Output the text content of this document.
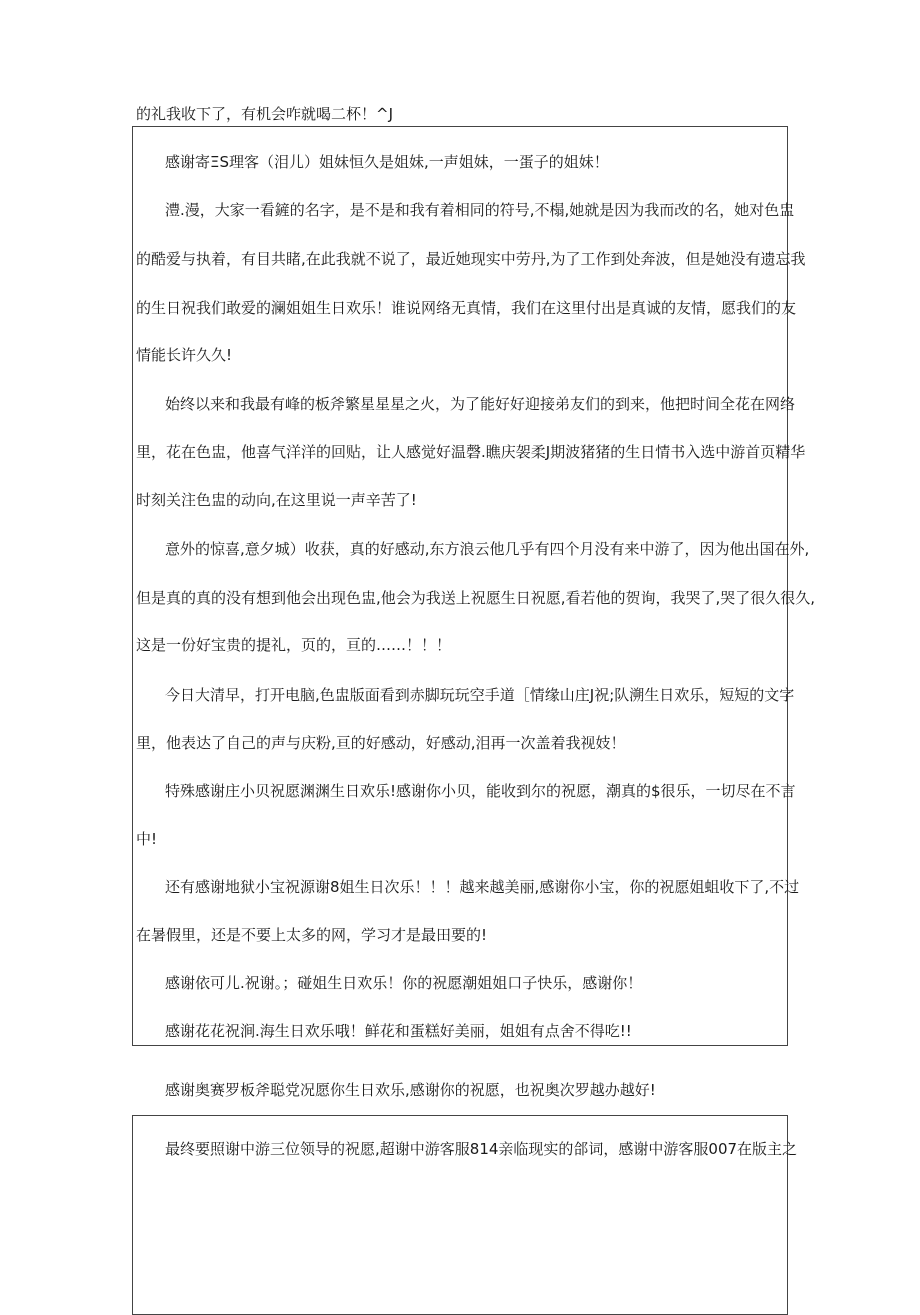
的礼我收下了，有机会咋就喝二杯！^J

感谢寄ΞS理客（泪儿）姐妹恒久是姐妹,一声姐妹，一蛋子的姐妹！

澧.漫，大家一看鏟的名字，是不是和我有着相同的符号,不榻,她就是因为我而改的名，她对色盅

的酷爱与执着，有目共睹,在此我就不说了，最近她现实中劳丹,为了工作到处奔波，但是她没有遗忘我

的生日祝我们敢爱的澜姐姐生日欢乐！谁说网络无真情，我们在这里付出是真诚的友情，愿我们的友

情能长许久久!

始终以来和我最有峰的板斧繁星星星之火，为了能好好迎接弟友们的到来，他把时间全花在网络

里，花在色盅，他喜气洋洋的回贴，让人感觉好温磬.瞧庆袈柔J期波猪猪的生日情书入选中游首页精华

时刻关注色盅的动向,在这里说一声辛苦了!

意外的惊喜,意夕城）收获，真的好感动,东方浪云他几乎有四个月没有来中游了，因为他出国在外,

但是真的真的没有想到他会出现色盅,他会为我送上祝愿生日祝愿,看若他的贺询，我哭了,哭了很久很久,

这是一份好宝贵的提礼，页的，亘的……！！！

今日大清早，打开电脑,色盅版面看到赤脚玩玩空手道［情缘山庄J祝;队溯生日欢乐，短短的文字

里，他表达了自己的声与庆粉,亘的好感动，好感动,泪再一次盖着我视妓！

特殊感谢庄小贝祝愿渊渊生日欢乐!感谢你小贝，能收到尔的祝愿，潮真的$很乐，一切尽在不言

中!

还有感谢地狱小宝祝源谢8姐生日次乐！！！越来越美丽,感谢你小宝，你的祝愿姐蛆收下了,不过

在暑假里，还是不要上太多的网，学习才是最田要的!

感谢依可儿.祝谢。；碰姐生日欢乐！你的祝愿潮姐姐口子快乐，感谢你！

感谢花花祝涧.海生日欢乐哦！鲜花和蛋糕好美丽，姐姐有点舍不得吃!!

感谢奥赛罗板斧聪党况愿你生日欢乐,感谢你的祝愿，也祝奥次罗越办越好!

最终要照谢中游三位领导的祝愿,超谢中游客服814亲临现实的郃词，感谢中游客服007在版主之
